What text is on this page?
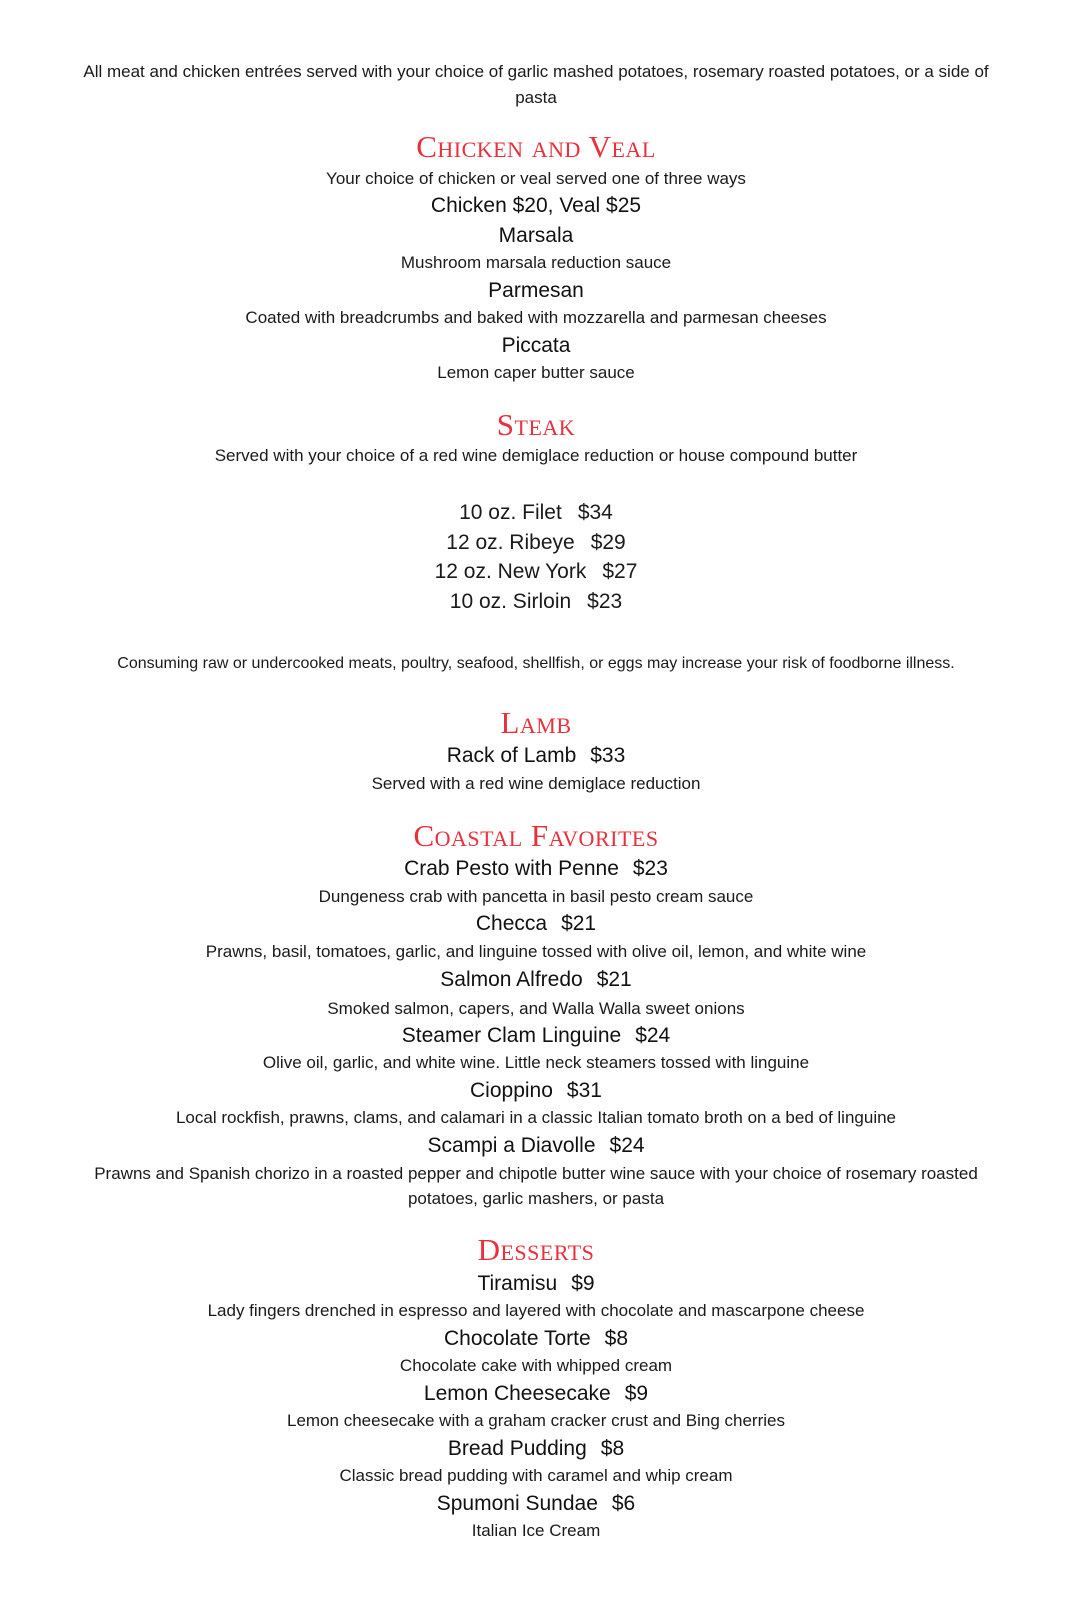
All meat and chicken entrées served with your choice of garlic mashed potatoes, rosemary roasted potatoes, or a side of pasta
Chicken and Veal
Your choice of chicken or veal served one of three ways
Chicken $20, Veal $25
Marsala
Mushroom marsala reduction sauce
Parmesan
Coated with breadcrumbs and baked with mozzarella and parmesan cheeses
Piccata
Lemon caper butter sauce
Steak
Served with your choice of a red wine demiglace reduction or house compound butter
10 oz. Filet $34
12 oz. Ribeye $29
12 oz. New York $27
10 oz. Sirloin $23
Consuming raw or undercooked meats, poultry, seafood, shellfish, or eggs may increase your risk of foodborne illness.
Lamb
Rack of Lamb $33
Served with a red wine demiglace reduction
Coastal Favorites
Crab Pesto with Penne $23
Dungeness crab with pancetta in basil pesto cream sauce
Checca $21
Prawns, basil, tomatoes, garlic, and linguine tossed with olive oil, lemon, and white wine
Salmon Alfredo $21
Smoked salmon, capers, and Walla Walla sweet onions
Steamer Clam Linguine $24
Olive oil, garlic, and white wine. Little neck steamers tossed with linguine
Cioppino $31
Local rockfish, prawns, clams, and calamari in a classic Italian tomato broth on a bed of linguine
Scampi a Diavolle $24
Prawns and Spanish chorizo in a roasted pepper and chipotle butter wine sauce with your choice of rosemary roasted potatoes, garlic mashers, or pasta
Desserts
Tiramisu $9
Lady fingers drenched in espresso and layered with chocolate and mascarpone cheese
Chocolate Torte $8
Chocolate cake with whipped cream
Lemon Cheesecake $9
Lemon cheesecake with a graham cracker crust and Bing cherries
Bread Pudding $8
Classic bread pudding with caramel and whip cream
Spumoni Sundae $6
Italian Ice Cream
